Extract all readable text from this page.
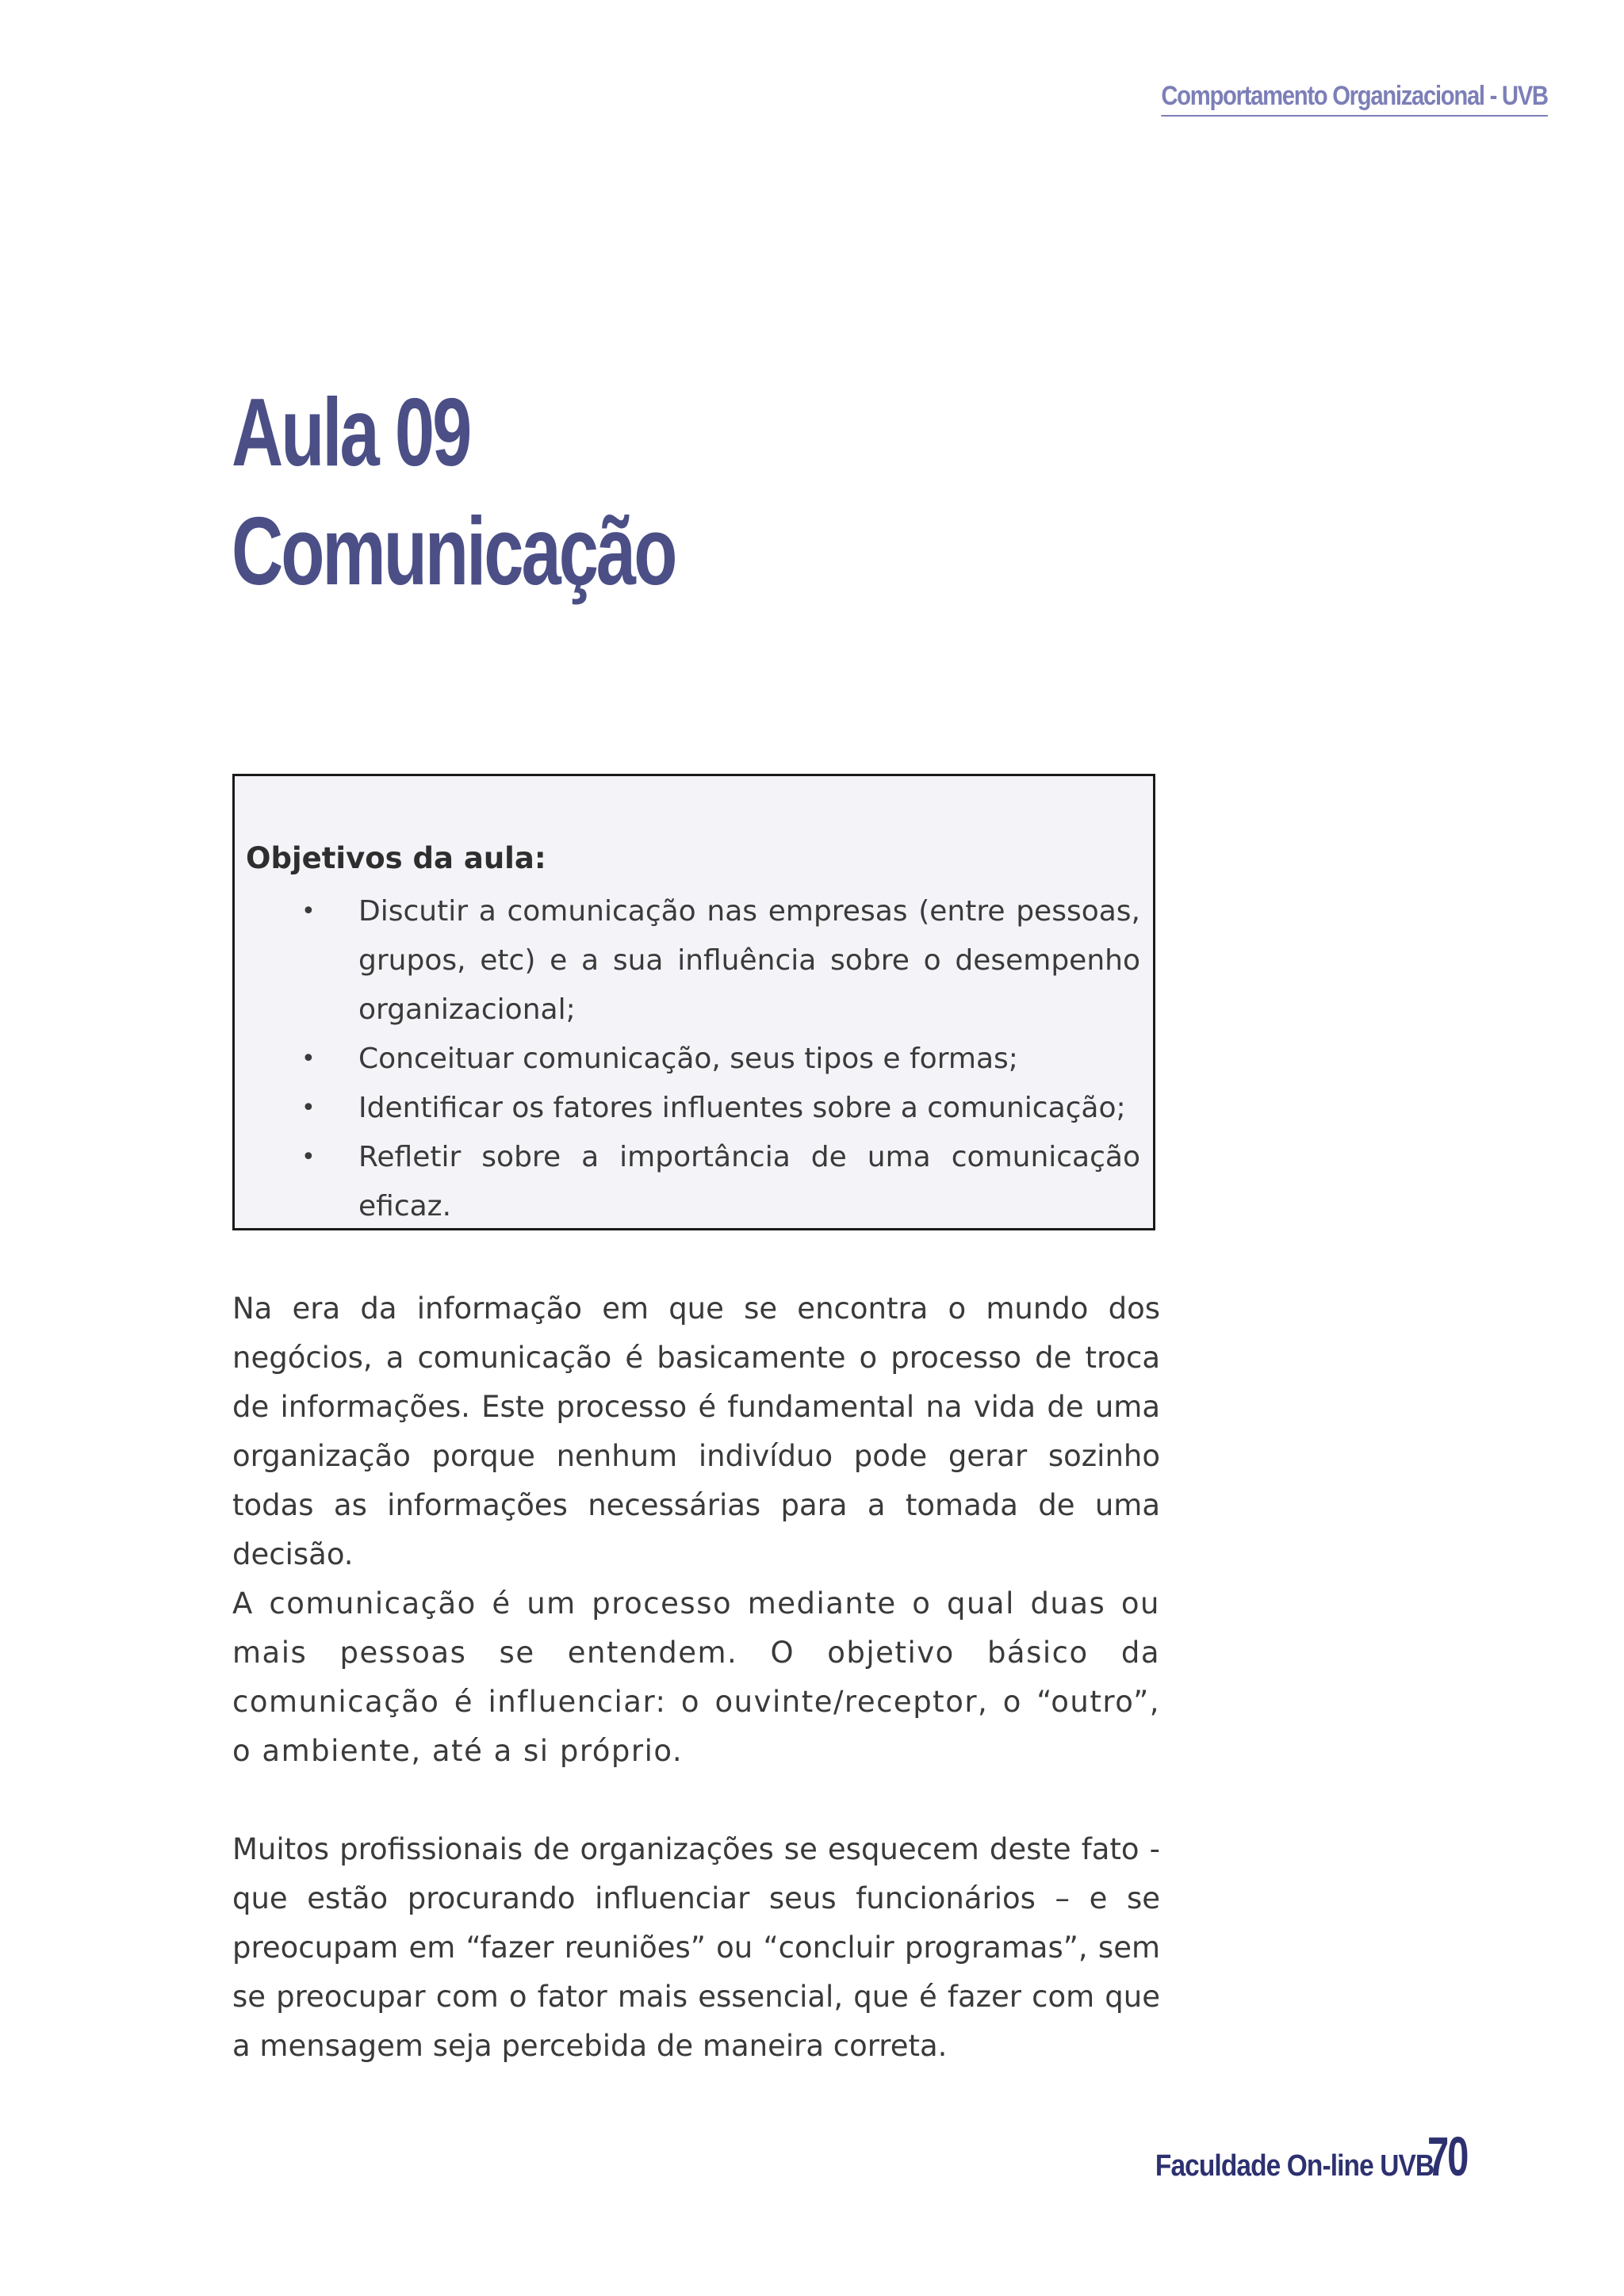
Comportamento Organizacional - UVB
Aula 09
Comunicação
Objetivos da aula:
• Discutir a comunicação nas empresas (entre pessoas, grupos, etc) e a sua influência sobre o desempenho organizacional;
• Conceituar comunicação, seus tipos e formas;
• Identificar os fatores influentes sobre a comunicação;
• Refletir sobre a importância de uma comunicação eficaz.

Na era da informação em que se encontra o mundo dos negócios, a comunicação é basicamente o processo de troca de informações. Este processo é fundamental na vida de uma organização porque nenhum indivíduo pode gerar sozinho todas as informações necessárias para a tomada de uma decisão.

A comunicação é um processo mediante o qual duas ou mais pessoas se entendem. O objetivo básico da comunicação é influenciar: o ouvinte/receptor, o “outro”, o ambiente, até a si próprio.

Muitos profissionais de organizações se esquecem deste fato - que estão procurando influenciar seus funcionários – e se preocupam em “fazer reuniões” ou “concluir programas”, sem se preocupar com o fator mais essencial, que é fazer com que a mensagem seja percebida de maneira correta.

Faculdade On-line UVB 70
